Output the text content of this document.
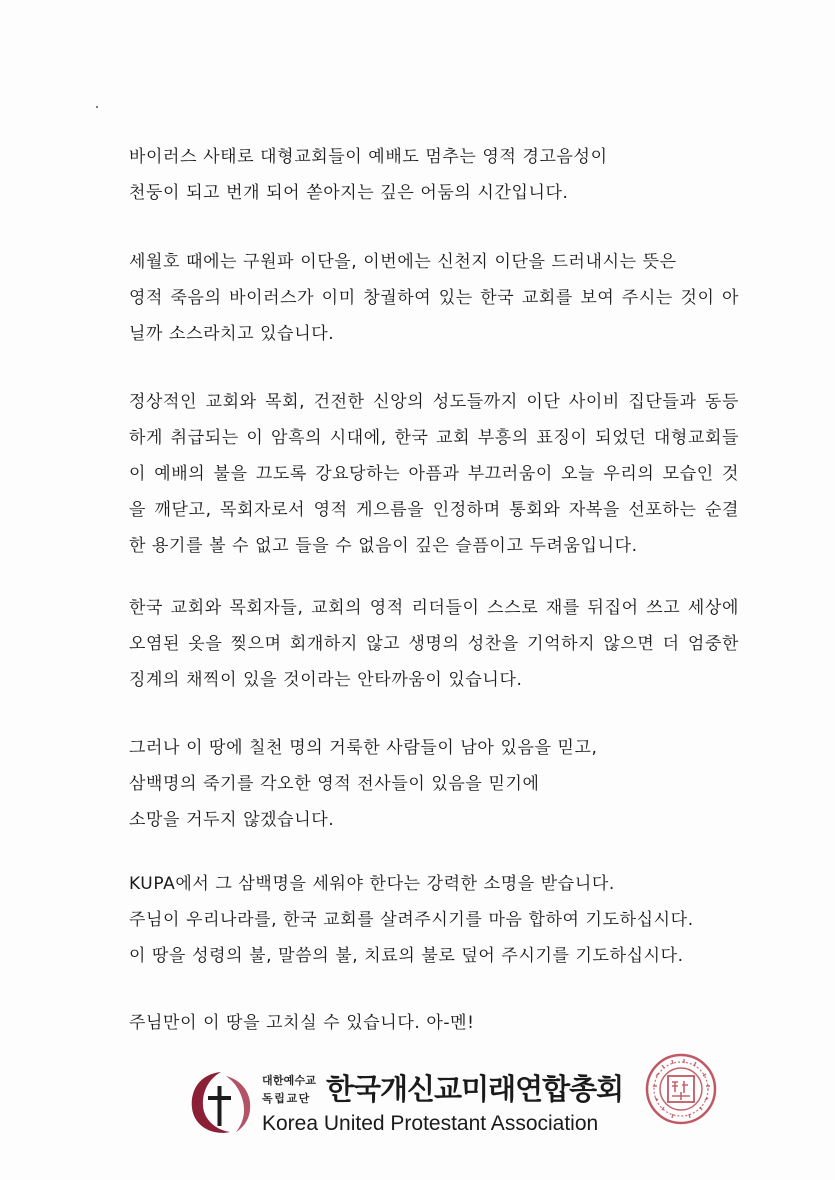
바이러스 사태로 대형교회들이 예배도 멈추는 영적 경고음성이
천둥이 되고 번개 되어 쏟아지는 깊은 어둠의 시간입니다.
세월호 때에는 구원파 이단을, 이번에는 신천지 이단을 드러내시는 뜻은
영적 죽음의 바이러스가 이미 창궐하여 있는 한국 교회를 보여 주시는 것이 아
닐까 소스라치고 있습니다.
정상적인 교회와 목회, 건전한 신앙의 성도들까지 이단 사이비 집단들과 동등
하게 취급되는 이 암흑의 시대에, 한국 교회 부흥의 표징이 되었던 대형교회들
이 예배의 불을 끄도록 강요당하는 아픔과 부끄러움이 오늘 우리의 모습인 것
을 깨닫고, 목회자로서 영적 게으름을 인정하며 통회와 자복을 선포하는 순결
한 용기를 볼 수 없고 들을 수 없음이 깊은 슬픔이고 두려움입니다.
한국 교회와 목회자들, 교회의 영적 리더들이 스스로 재를 뒤집어 쓰고 세상에
오염된 옷을 찢으며 회개하지 않고 생명의 성찬을 기억하지 않으면 더 엄중한
징계의 채찍이 있을 것이라는 안타까움이 있습니다.
그러나 이 땅에 칠천 명의 거룩한 사람들이 남아 있음을 믿고,
삼백명의 죽기를 각오한 영적 전사들이 있음을 믿기에
소망을 거두지 않겠습니다.
KUPA에서 그 삼백명을 세워야 한다는 강력한 소명을 받습니다.
주님이 우리나라를, 한국 교회를 살려주시기를 마음 합하여 기도하십시다.
이 땅을 성령의 불, 말씀의 불, 치료의 불로 덮어 주시기를 기도하십시다.
주님만이 이 땅을 고치실 수 있습니다. 아-멘!
대한예수교
독립교단 한국개신교미래연합총회
Korea United Protestant Association
